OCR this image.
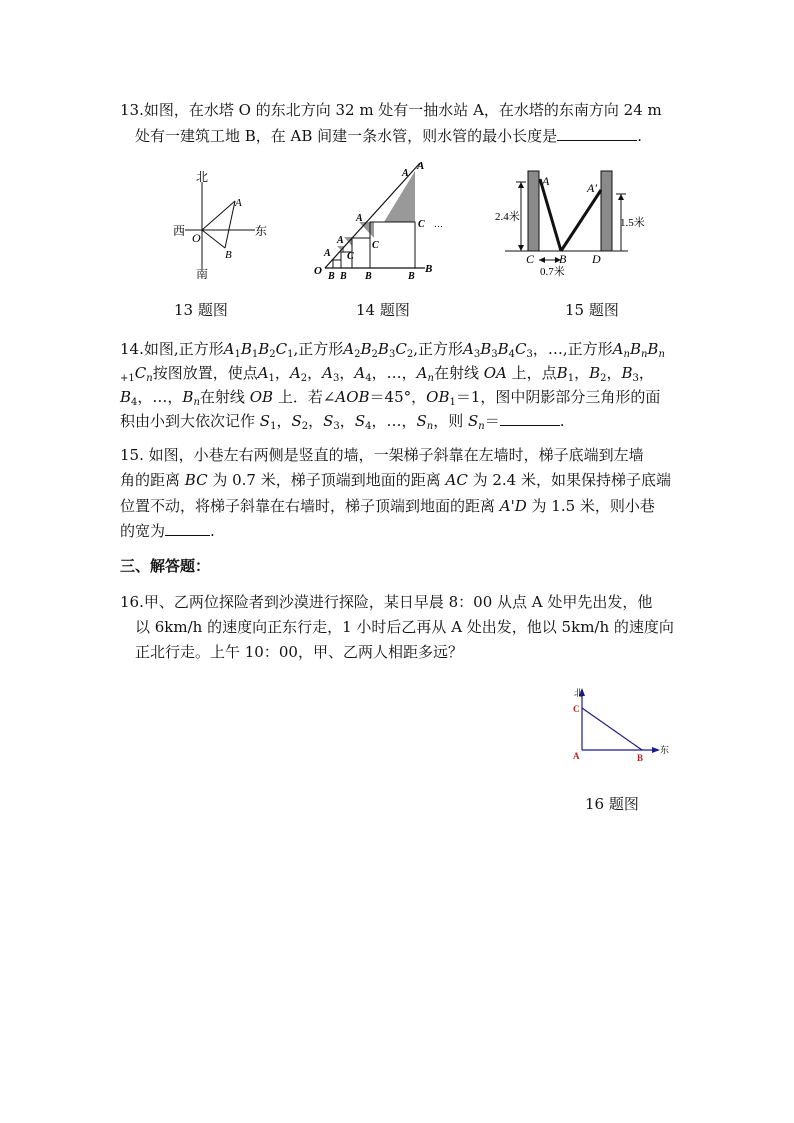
13.如图，在水塔 O 的东北方向 32 m 处有一抽水站 A，在水塔的东南方向 24 m
处有一建筑工地 B，在 AB 间建一条水管，则水管的最小长度是	.
北
南
西	东
O
A
B
O
A
A
A
A
A
C
C
C
…
B B B	B
B
A	A′
2.4米	1.5米
C B D
0.7米
13 题图	14 题图	15 题图
14.如图,正方形$A_1B_1B_2C_1$,正方形$A_2B_2B_3C_2$,正方形$A_3B_3B_4C_3$，…,正方形$A_nB_nB_n$
$_{+1}C_n$按图放置，使点$A_1$，$A_2$，$A_3$，$A_4$，…，$A_n$在射线 OA 上，点$B_1$，$B_2$，$B_3$，
$B_4$，…，$B_n$在射线 OB 上．若∠AOB＝45°，$OB_1=1$，图中阴影部分三角形的面
积由小到大依次记作 $S_1$，$S_2$，$S_3$，$S_4$，…，$S_n$，则 $S_n=$	.
15. 如图，小巷左右两侧是竖直的墙，一架梯子斜靠在左墙时，梯子底端到左墙
角的距离 BC 为 0.7 米，梯子顶端到地面的距离 AC 为 2.4 米，如果保持梯子底端
位置不动，将梯子斜靠在右墙时，梯子顶端到地面的距离 A'D 为 1.5 米，则小巷
的宽为	.
三、解答题：
16.甲、乙两位探险者到沙漠进行探险，某日早晨 8：00 从点 A 处甲先出发，他
以 6km/h 的速度向正东行走，1 小时后乙再从 A 处出发，他以 5km/h 的速度向
正北行走。上午 10：00，甲、乙两人相距多远？
北
东
C
A	B
16 题图
